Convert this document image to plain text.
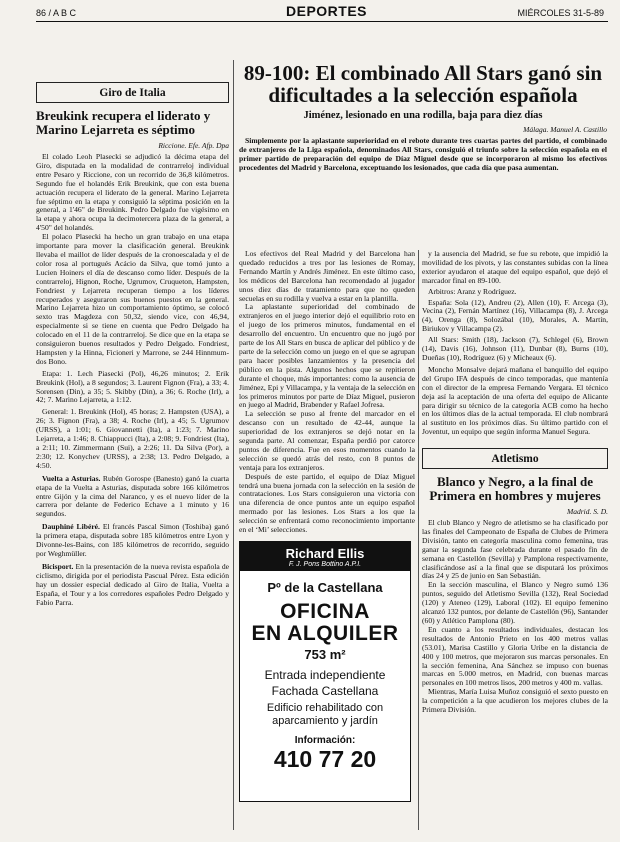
86 / A B C	DEPORTES	MIÉRCOLES 31-5-89
Giro de Italia
Breukink recupera el liderato y Marino Lejarreta es séptimo
Riccione. Efe. Afp. Dpa

El colado Leoh Plasecki se adjudicó la décima etapa del Giro, disputada en la modalidad de contrarreloj individual entre Pesaro y Riccione, con un recorrido de 36,8 kilómetros. Segundo fue el holandés Erik Breukink, que con esta buena actuación recupera el liderato de la general. Marino Lejarreta fue séptimo en la etapa y consiguió la séptima posición en la general, a 1'46" de Breukink. Pedro Delgado fue vigésimo en la etapa y ahora ocupa la decimotercera plaza de la general, a 4'50" del holandés.

El polaco Plasecki ha hecho un gran trabajo en una etapa importante para mover la clasificación general. Breukink llevaba el maillot de líder después de la cronoescalada y el de color rosa al portugués Acácio da Silva, que tomó junto a Lucien Hoiners el día de descanso como líder. Después de la contrarreloj, Hignon, Roche, Ugrumov, Cruqueton, Hampsten, Fondriest y Lejarreta recuperan tiempo a los líderes recuperados y aseguraron sus buenos puestos en la general. Marino Lejarreta hizo un comportamiento óptimo, se colocó sexto tras Magdeza con 50,32, siendo vice, con 46,94, especialmente si se tiene en cuenta que Pedro Delgado ha colocado en el 11 de la contrarreloj. Se dice que en la etapa se consiguieron buenos resultados y Pedro Delgado. Fondriest, Hampsten y la Hinna, Ficioneri y Marrone, se 244 Hinnmum-dos Bono.

Etapa: 1. Lech Piasecki (Pol), 46,26 minutos; 2. Erik Breukink (Hol), a 8 segundos; 3. Laurent Fignon (Fra), a 33; 4. Sorensen (Din), a 35; 5. Skibby (Din), a 36; 6. Roche (Irl), a 42; 7. Marino Lejarreta, a 1:12.

General: 1. Breukink (Hol), 45 horas; 2. Hampsten (USA), a 26; 3. Fignon (Fra), a 38; 4. Roche (Irl), a 45; 5. Ugrumov (URSS), a 1:01; 6. Giovannetti (Ita), a 1:23; 7. Marino Lejarreta, a 1:46; 8. Chiappucci (Ita), a 2:08; 9. Fondriest (Ita), a 2:11; 10. Zimmermann (Sui), a 2:26; 11. Da Silva (Por), a 2:30; 12. Konychev (URSS), a 2:38; 13. Pedro Delgado, a 4:50.

Vuelta a Asturias. Rubén Gorospe (Banesto) ganó la cuarta etapa de la Vuelta a Asturias, disputada sobre 166 kilómetros entre Gijón y la cima del Naranco, y es el nuevo líder de la carrera por delante de Federico Echave a 1 minuto y 16 segundos.

Dauphiné Libéré. El francés Pascal Simon (Toshiba) ganó la primera etapa, disputada sobre 185 kilómetros entre Lyon y Divonne-les-Bains, con 185 kilómetros de recorrido, seguido por Weghmüller.

Bicisport. En la presentación de la nueva revista española de ciclismo, dirigida por el periodista Pascual Pérez. Esta edición hay un dossier especial dedicado al Giro de Italia, Vuelta a España, el Tour y a los corredores españoles Pedro Delgado y Fabio Parra.

89-100: El combinado All Stars ganó sin dificultades a la selección española
Jiménez, lesionado en una rodilla, baja para diez días
Málaga. Manuel A. Castillo

Simplemente por la aplastante superioridad en el rebote durante tres cuartas partes del partido, el combinado de extranjeros de la Liga española, denominados All Stars, consiguió el triunfo sobre la selección española en el primer partido de preparación del equipo de Díaz Miguel desde que se incorporaron al mismo los efectivos procedentes del Madrid y Barcelona, exceptuando los lesionados, que cada día que pasa aumentan.

Los efectivos del Real Madrid y del Barcelona han quedado reducidos a tres por las lesiones de Romay, Fernando Martín y Andrés Jiménez. En este último caso, los médicos del Barcelona han recomendado al jugador unos diez días de tratamiento para que no queden secuelas en su rodilla y vuelva a estar en la plantilla.

La aplastante superioridad del combinado de extranjeros en el juego interior dejó el equilibrio roto en el juego de los primeros minutos, fundamental en el desarrollo del encuentro. Un encuentro que no jugó por parte de los All Stars en busca de aplicar del público y de parte de la selección como un juego en el que se agrupan para hacer posibles lanzamientos y la presencia del público en la pista. Algunos hechos que se repitieron durante el choque, más importantes: como la ausencia de Jiménez, Epi y Villacampa, y la ventaja de la selección en los primeros minutos por parte de Díaz Miguel, pusieron en juego al Madrid, Brabender y Rafael Jofresa.

La selección se puso al frente del marcador en el descanso con un resultado de 42-44, aunque la superioridad de los extranjeros se dejó notar en la segunda parte. Al comenzar, España perdió por catorce puntos de diferencia. Fue en esos momentos cuando la selección se quedó atrás del resto, con 8 puntos de ventaja para los extranjeros.

Después de este partido, el equipo de Díaz Miguel tendrá una buena jornada con la selección en la sesión de contrataciones. Los Stars consiguieron una victoria con una diferencia de once puntos ante un equipo español mermado por las lesiones. Los Stars a los que la selección se enfrentará como reconocimiento importante en el ‘Mi’ selecciones.

y la ausencia del Madrid, se fue su rebote, que impidió la movilidad de los pivots, y las constantes subidas con la línea exterior ayudaron el ataque del equipo español, que dejó el marcador final en 89-100.

Arbitros: Aranz y Rodríguez.

España: Sola (12), Andreu (2), Allen (10), F. Arcega (3), Vecina (2), Fernán Martínez (16), Villacampa (8), J. Arcega (4), Orenga (8), Solozábal (10), Morales, A. Martín, Biriukov y Villacampa (2).

All Stars: Smith (18), Jackson (7), Schlegel (6), Brown (14), Davis (16), Johnson (11), Dunbar (8), Burns (10), Dueñas (10), Rodríguez (6) y Micheaux (6).

Moncho Monsalve dejará mañana el banquillo del equipo del Grupo IFA después de cinco temporadas, que mantenía con el director de la empresa Fernando Vergara. El técnico deja así la aceptación de una oferta del equipo de Alicante para dirigir su técnico de la categoría ACB como ha hecho en los últimos días de la actual temporada. El club nombrará al sustituto en los próximos días. Su último partido con el Joventut, un equipo que según informa Manuel Segura.

Atletismo
Blanco y Negro, a la final de Primera en hombres y mujeres
Madrid. S. D.

El club Blanco y Negro de atletismo se ha clasificado por las finales del Campeonato de España de Clubes de Primera División, tanto en categoría masculina como femenina, tras ganar la segunda fase celebrada durante el pasado fin de semana en Castellón (Sevilla) y Pamplona respectivamente, clasificándose así a la final que se disputará los próximos días 24 y 25 de junio en San Sebastián.

En la sección masculina, el Blanco y Negro sumó 136 puntos, seguido del Atletismo Sevilla (132), Real Sociedad (120) y Ateneo (129), Laboral (102). El equipo femenino alcanzó 132 puntos, por delante de Castellón (96), Santander (60) y Atlético Pamplona (80).

En cuanto a los resultados individuales, destacan los resultados de Antonio Prieto en los 400 metros vallas (53.01), Marisa Castillo y Gloria Uribe en la distancia de 400 y 100 metros, que mejoraron sus marcas personales. En la sección femenina, Ana Sánchez se impuso con buenas marcas en 5.000 metros, en Madrid, con buenas marcas personales en 100 metros lisos, 200 metros y 400 m. vallas.

Mientras, María Luisa Muñoz consiguió el sexto puesto en la competición a la que acudieron los mejores clubes de la Primera División.

Richard Ellis
F. J. Pons Bottino A.P.I.
Pº de la Castellana
OFICINA
EN ALQUILER
753 m²
Entrada independiente
Fachada Castellana
Edificio rehabilitado con aparcamiento y jardín
Información:
410 77 20
